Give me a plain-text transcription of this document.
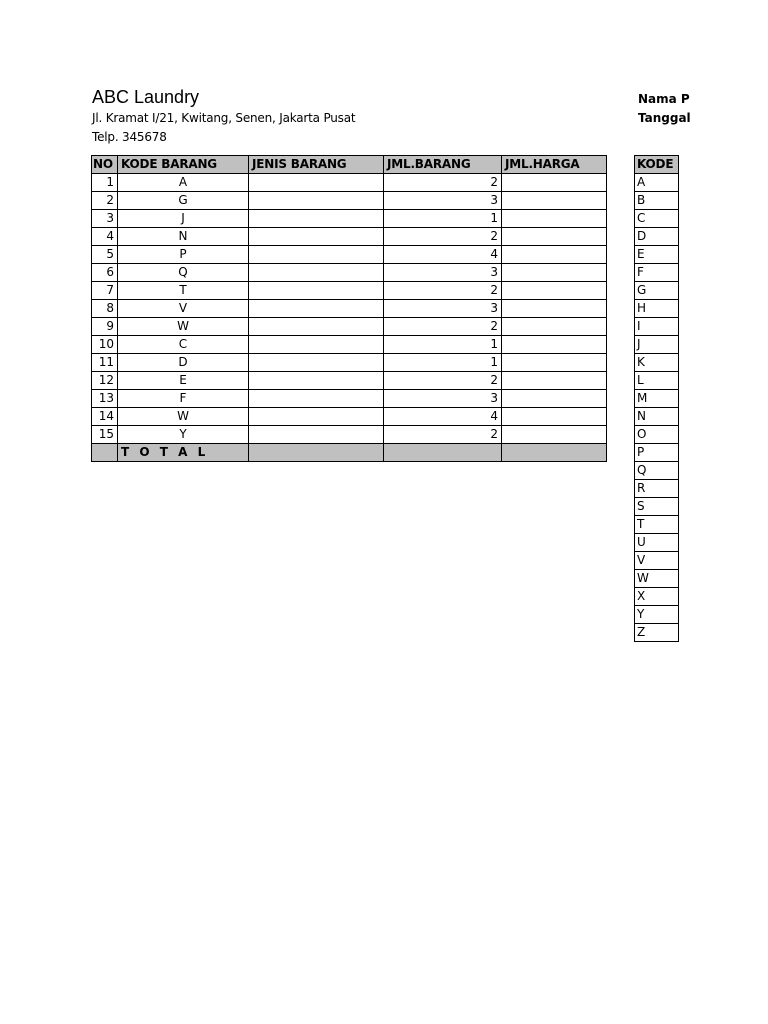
ABC Laundry
Jl. Kramat I/21, Kwitang, Senen, Jakarta Pusat
Telp. 345678
Nama P
Tanggal
NO	KODE BARANG	JENIS BARANG	JML.BARANG	JML.HARGA
1	A		2	
2	G		3	
3	J		1	
4	N		2	
5	P		4	
6	Q		3	
7	T		2	
8	V		3	
9	W		2	
10	C		1	
11	D		1	
12	E		2	
13	F		3	
14	W		4	
15	Y		2	
	T O T A L			
KODE
A
B
C
D
E
F
G
H
I
J
K
L
M
N
O
P
Q
R
S
T
U
V
W
X
Y
Z
